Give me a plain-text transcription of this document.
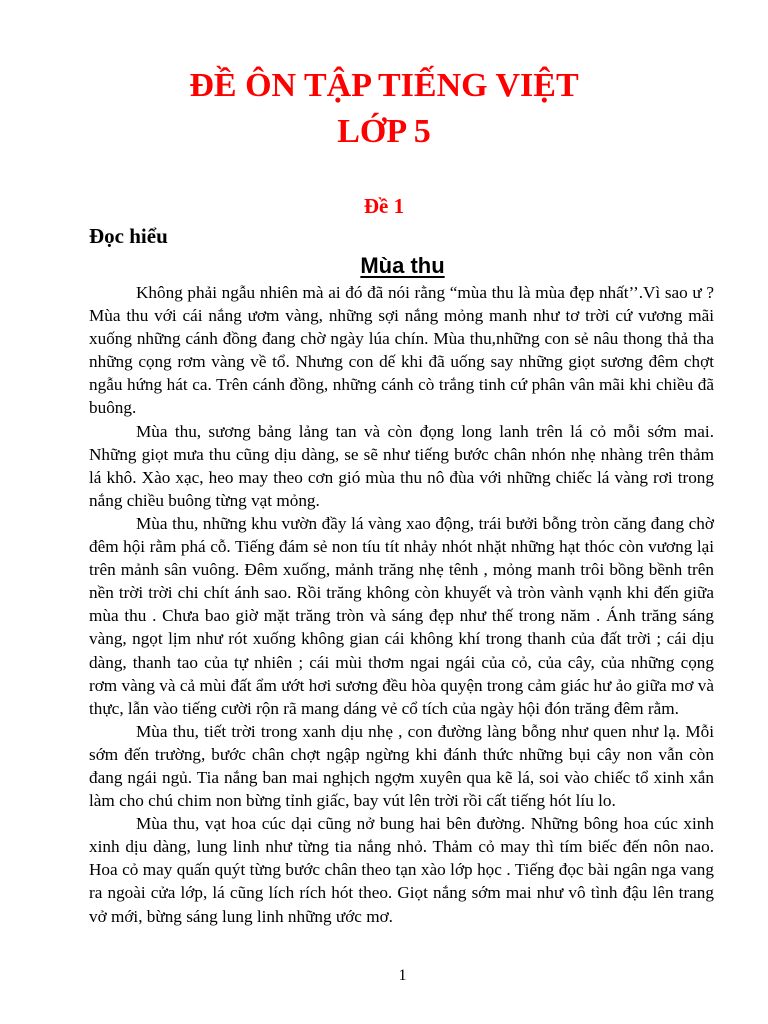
ĐỀ ÔN TẬP TIẾNG VIỆT
LỚP 5
Đề 1
Đọc hiểu
Mùa thu

Không phải ngẫu nhiên mà ai đó đã nói rằng “mùa thu là mùa đẹp nhất’’.Vì sao ư ? Mùa thu với cái nắng ươm vàng, những sợi nắng mỏng manh như tơ trời cứ vương mãi xuống những cánh đồng đang chờ ngày lúa chín. Mùa thu,những con sẻ nâu thong thả tha những cọng rơm vàng về tổ. Nhưng con dế khi đã uống say những giọt sương đêm chợt ngẫu hứng hát ca. Trên cánh đồng, những cánh cò trắng tinh cứ phân vân mãi khi chiều đã buông.

Mùa thu, sương bảng lảng tan và còn đọng long lanh trên lá cỏ mỗi sớm mai. Những giọt mưa thu cũng dịu dàng, se sẽ như tiếng bước chân nhón nhẹ nhàng trên thảm lá khô. Xào xạc, heo may theo cơn gió mùa thu nô đùa với những chiếc lá vàng rơi trong nắng chiều buông từng vạt mỏng.

Mùa thu, những khu vườn đầy lá vàng xao động, trái bưởi bỗng tròn căng đang chờ đêm hội rằm phá cỗ. Tiếng đám sẻ non tíu tít nhảy nhót nhặt những hạt thóc còn vương lại trên mảnh sân vuông. Đêm xuống, mảnh trăng nhẹ tênh , mỏng manh trôi bồng bềnh trên nền trời trời chi chít ánh sao. Rồi trăng không còn khuyết và tròn vành vạnh khi đến giữa mùa thu . Chưa bao giờ mặt trăng tròn và sáng đẹp như thế trong năm . Ánh trăng sáng vàng, ngọt lịm như rót xuống không gian cái không khí trong thanh của đất trời ; cái dịu dàng, thanh tao của tự nhiên ; cái mùi thơm ngai ngái của cỏ, của cây, của những cọng rơm vàng và cả mùi đất ẩm ướt hơi sương đều hòa quyện trong cảm giác hư ảo giữa mơ và thực, lẫn vào tiếng cười rộn rã mang dáng vẻ cổ tích của ngày hội đón trăng đêm rằm.

Mùa thu, tiết trời trong xanh dịu nhẹ , con đường làng bỗng như quen như lạ. Mỗi sớm đến trường, bước chân chợt ngập ngừng khi đánh thức những bụi cây non vẫn còn đang ngái ngủ. Tia nắng ban mai nghịch ngợm xuyên qua kẽ lá, soi vào chiếc tổ xinh xắn làm cho chú chim non bừng tỉnh giấc, bay vút lên trời rồi cất tiếng hót líu lo.

Mùa thu, vạt hoa cúc dại cũng nở bung hai bên đường. Những bông hoa cúc xinh xinh dịu dàng, lung linh như từng tia nắng nhỏ. Thảm cỏ may thì tím biếc đến nôn nao. Hoa cỏ may quấn quýt từng bước chân theo tạn xào lớp học . Tiếng đọc bài ngân nga vang ra ngoài cửa lớp, lá cũng lích rích hót theo. Giọt nắng sớm mai như vô tình đậu lên trang vở mới, bừng sáng lung linh những ước mơ.

1
